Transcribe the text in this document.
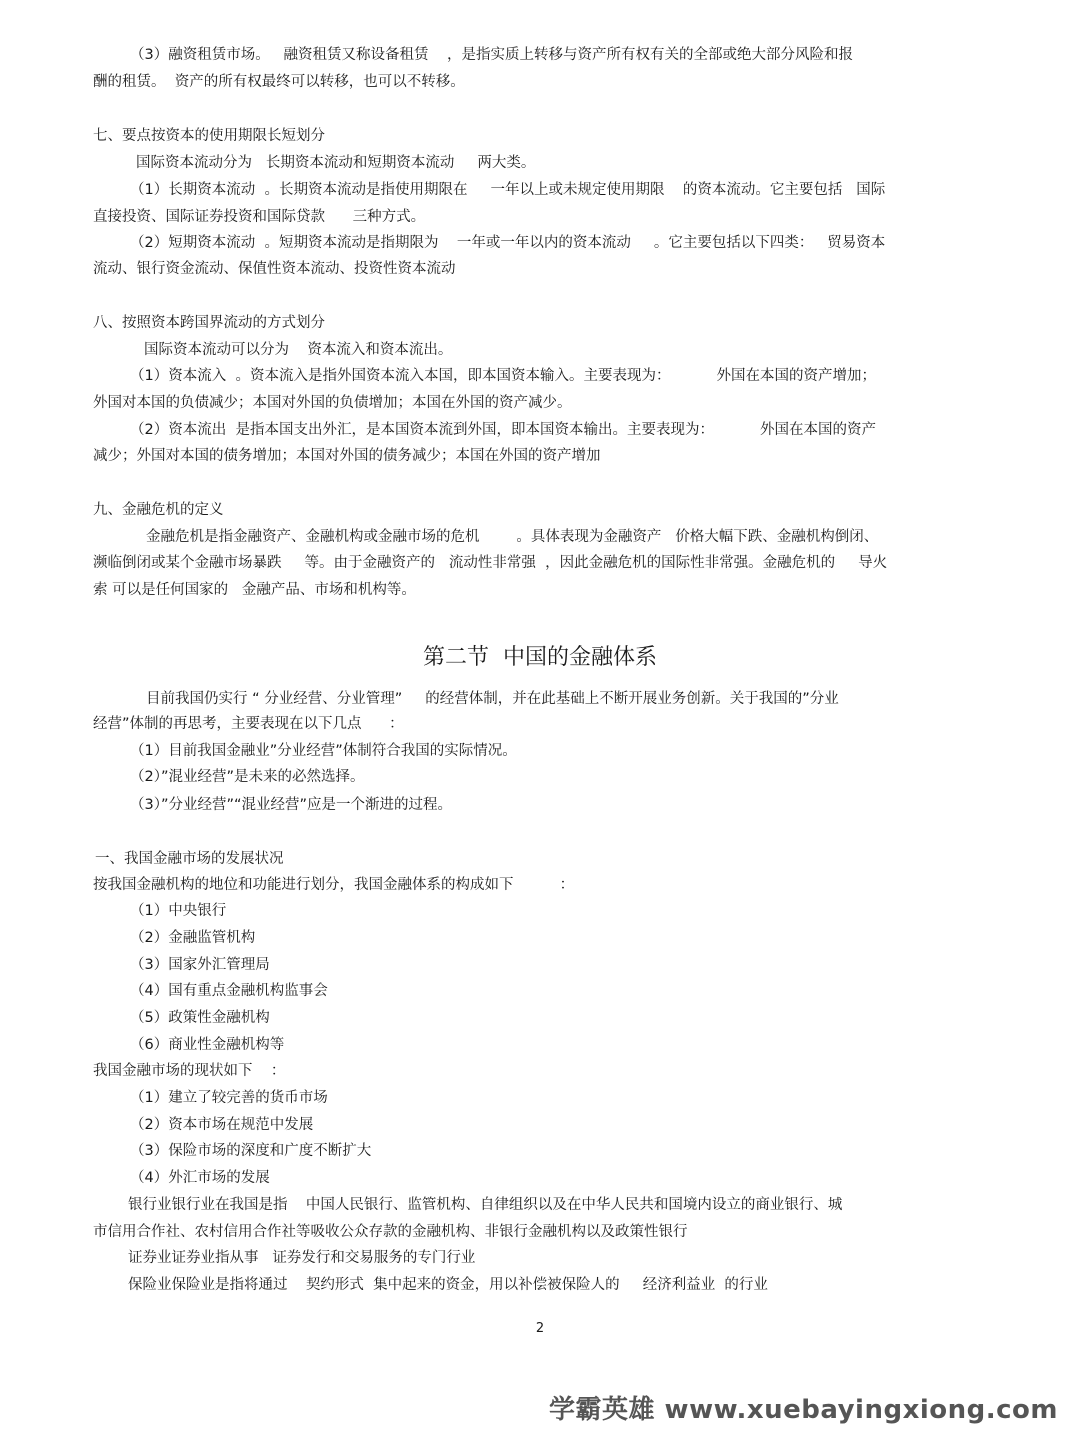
（3）融资租赁市场。   融资租赁又称设备租赁    ，是指实质上转移与资产所有权有关的全部或绝大部分风险和报
酬的租赁。  资产的所有权最终可以转移，也可以不转移。
七、要点按资本的使用期限长短划分
国际资本流动分为   长期资本流动和短期资本流动     两大类。
（1）长期资本流动  。长期资本流动是指使用期限在     一年以上或未规定使用期限    的资本流动。它主要包括   国际
直接投资、国际证券投资和国际贷款      三种方式。
（2）短期资本流动  。短期资本流动是指期限为    一年或一年以内的资本流动     。它主要包括以下四类：   贸易资本
流动、银行资金流动、保值性资本流动、投资性资本流动
八、按照资本跨国界流动的方式划分
国际资本流动可以分为    资本流入和资本流出。
（1）资本流入  。资本流入是指外国资本流入本国，即本国资本输入。主要表现为：          外国在本国的资产增加；
外国对本国的负债减少；本国对外国的负债增加；本国在外国的资产减少。
（2）资本流出  是指本国支出外汇，是本国资本流到外国，即本国资本输出。主要表现为：          外国在本国的资产
减少；外国对本国的债务增加；本国对外国的债务减少；本国在外国的资产增加
九、金融危机的定义
金融危机是指金融资产、金融机构或金融市场的危机        。具体表现为金融资产   价格大幅下跌、金融机构倒闭、
濒临倒闭或某个金融市场暴跌     等。由于金融资产的   流动性非常强  ，因此金融危机的国际性非常强。金融危机的     导火
索 可以是任何国家的   金融产品、市场和机构等。
第二节  中国的金融体系
目前我国仍实行 “ 分业经营、分业管理”     的经营体制，并在此基础上不断开展业务创新。关于我国的”分业
经营”体制的再思考，主要表现在以下几点      ：
（1）目前我国金融业”分业经营”体制符合我国的实际情况。
（2）”混业经营”是未来的必然选择。
（3）”分业经营”“混业经营”应是一个渐进的过程。
一、我国金融市场的发展状况
按我国金融机构的地位和功能进行划分，我国金融体系的构成如下          ：
（1）中央银行
（2）金融监管机构
（3）国家外汇管理局
（4）国有重点金融机构监事会
（5）政策性金融机构
（6）商业性金融机构等
我国金融市场的现状如下    ：
（1）建立了较完善的货币市场
（2）资本市场在规范中发展
（3）保险市场的深度和广度不断扩大
（4）外汇市场的发展
银行业银行业在我国是指    中国人民银行、监管机构、自律组织以及在中华人民共和国境内设立的商业银行、城
市信用合作社、农村信用合作社等吸收公众存款的金融机构、非银行金融机构以及政策性银行
证券业证券业指从事   证券发行和交易服务的专门行业
保险业保险业是指将通过    契约形式  集中起来的资金，用以补偿被保险人的     经济利益业  的行业
2
学霸英雄 www.xuebayingxiong.com
